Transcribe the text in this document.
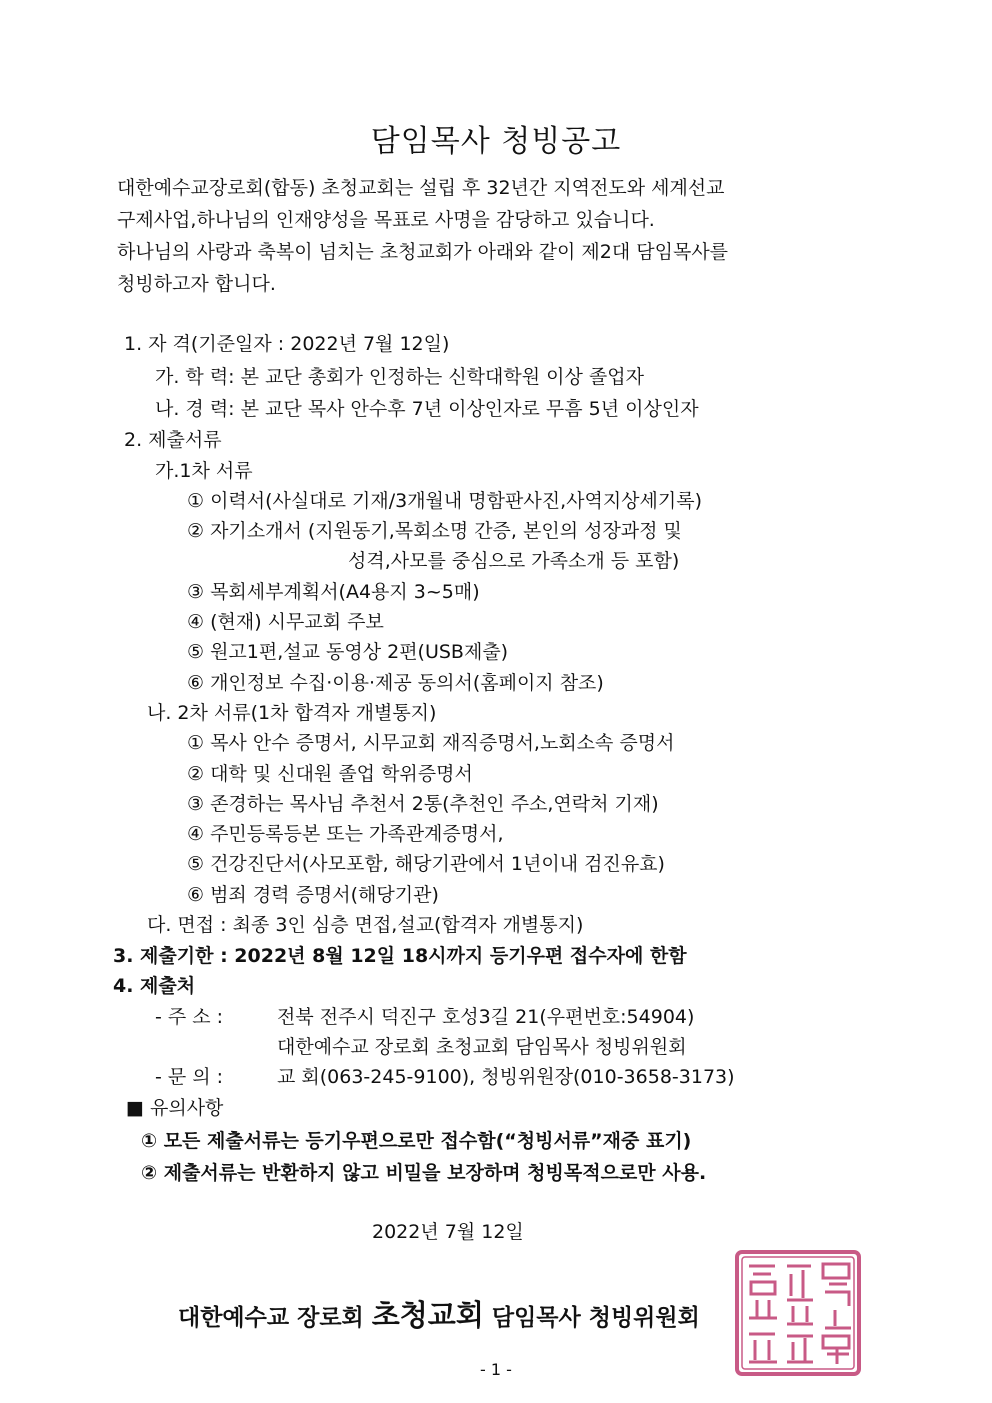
담임목사 청빙공고
대한예수교장로회(합동) 초청교회는 설립 후 32년간 지역전도와 세계선교
구제사업,하나님의 인재양성을 목표로 사명을 감당하고 있습니다.
하나님의 사랑과 축복이 넘치는 초청교회가 아래와 같이 제2대 담임목사를
청빙하고자 합니다.
1. 자 격(기준일자 : 2022년 7월 12일)
가. 학 력: 본 교단 총회가 인정하는 신학대학원 이상 졸업자
나. 경 력: 본 교단 목사 안수후 7년 이상인자로 무흠 5년 이상인자
2. 제출서류
가.1차 서류
① 이력서(사실대로 기재/3개월내 명함판사진,사역지상세기록)
② 자기소개서 (지원동기,목회소명 간증, 본인의 성장과정 및
성격,사모를 중심으로 가족소개 등 포함)
③ 목회세부계획서(A4용지 3~5매)
④ (현재) 시무교회 주보
⑤ 원고1편,설교 동영상 2편(USB제출)
⑥ 개인정보 수집·이용·제공 동의서(홈페이지 참조)
나. 2차 서류(1차 합격자 개별통지)
① 목사 안수 증명서, 시무교회 재직증명서,노회소속 증명서
② 대학 및 신대원 졸업 학위증명서
③ 존경하는 목사님 추천서 2통(추천인 주소,연락처 기재)
④ 주민등록등본 또는 가족관계증명서,
⑤ 건강진단서(사모포함, 해당기관에서 1년이내 검진유효)
⑥ 범죄 경력 증명서(해당기관)
다. 면접 : 최종 3인 심층 면접,설교(합격자 개별통지)
3. 제출기한 : 2022년 8월 12일 18시까지 등기우편 접수자에 한함
4. 제출처
- 주 소 :	전북 전주시 덕진구 호성3길 21(우편번호:54904)
대한예수교 장로회 초청교회 담임목사 청빙위원회
- 문 의 :	교 회(063-245-9100), 청빙위원장(010-3658-3173)
■ 유의사항
① 모든 제출서류는 등기우편으로만 접수함(“청빙서류”재중 표기)
② 제출서류는 반환하지 않고 비밀을 보장하며 청빙목적으로만 사용.
2022년 7월 12일
대한예수교 장로회 초청교회 담임목사 청빙위원회
- 1 -
